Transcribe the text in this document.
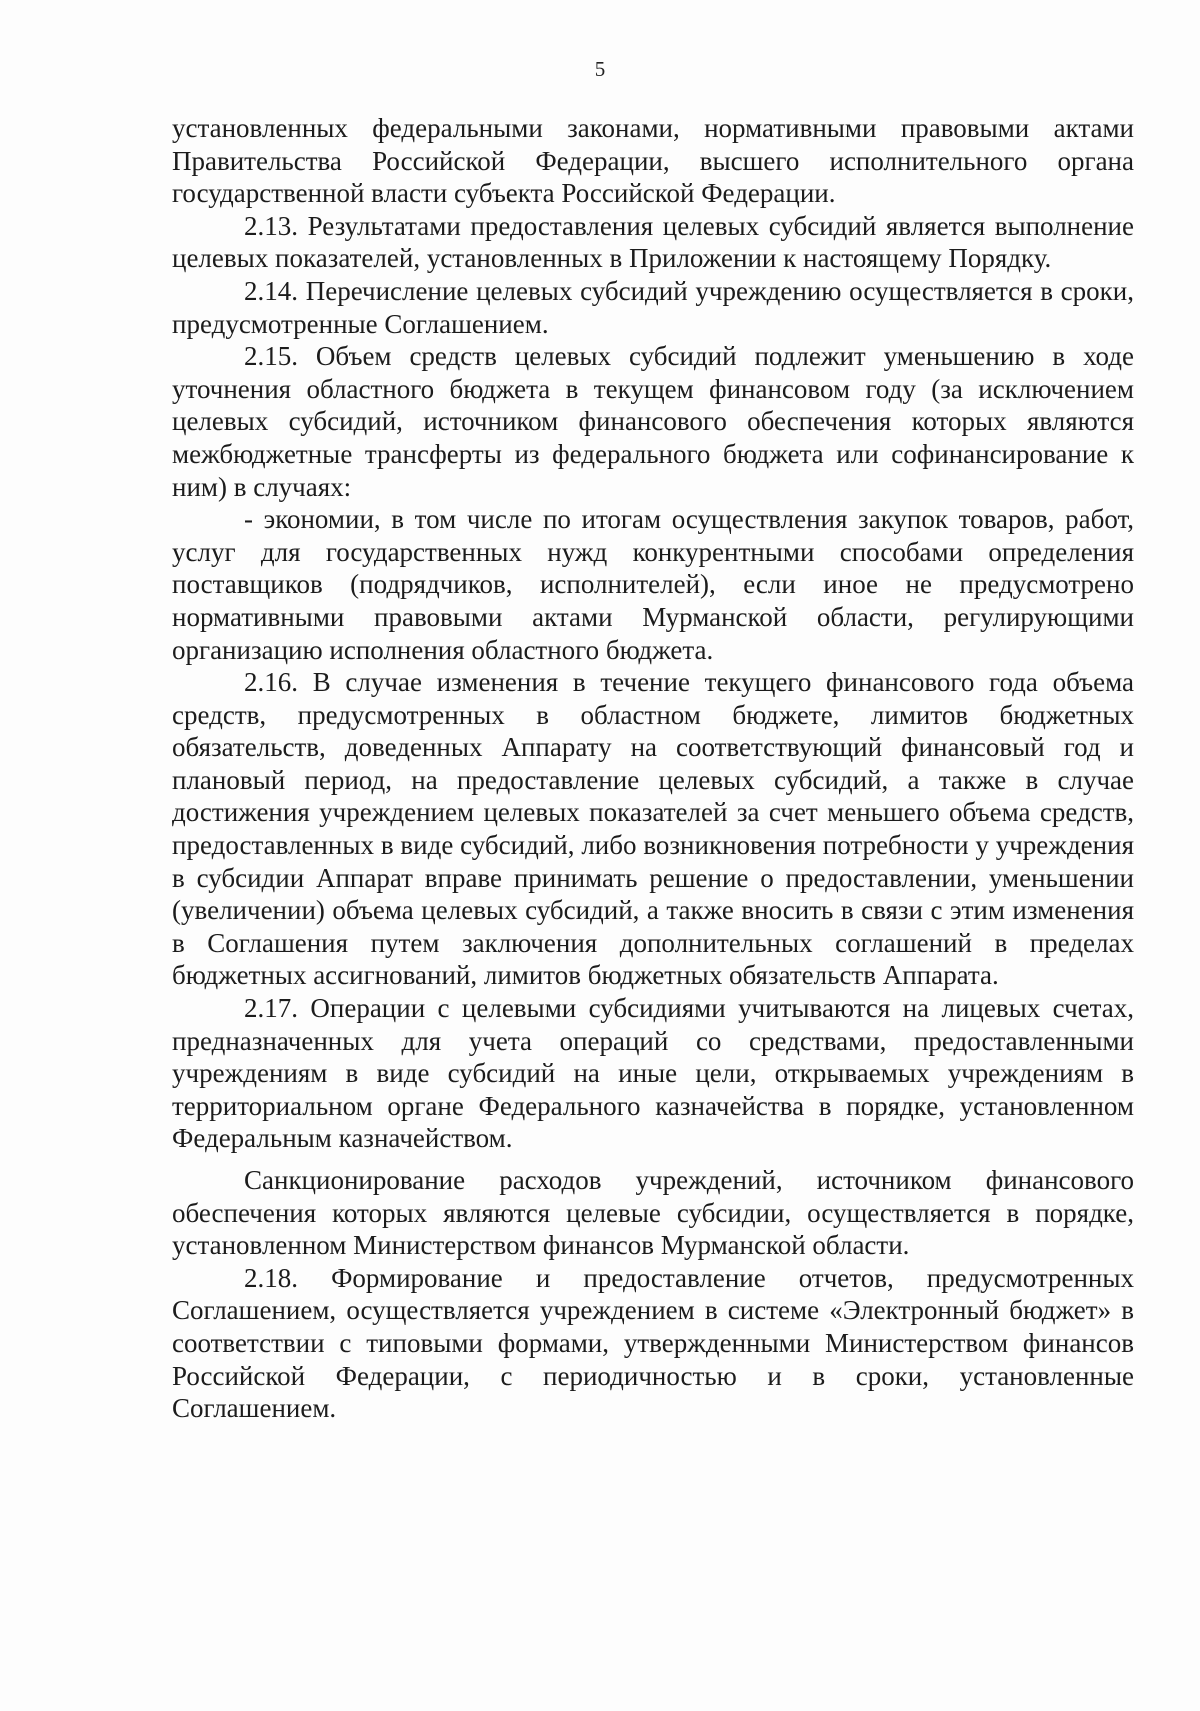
5

установленных федеральными законами, нормативными правовыми актами Правительства Российской Федерации, высшего исполнительного органа государственной власти субъекта Российской Федерации.

2.13. Результатами предоставления целевых субсидий является выполнение целевых показателей, установленных в Приложении к настоящему Порядку.

2.14. Перечисление целевых субсидий учреждению осуществляется в сроки, предусмотренные Соглашением.

2.15. Объем средств целевых субсидий подлежит уменьшению в ходе уточнения областного бюджета в текущем финансовом году (за исключением целевых субсидий, источником финансового обеспечения которых являются межбюджетные трансферты из федерального бюджета или софинансирование к ним) в случаях:

- экономии, в том числе по итогам осуществления закупок товаров, работ, услуг для государственных нужд конкурентными способами определения поставщиков (подрядчиков, исполнителей), если иное не предусмотрено нормативными правовыми актами Мурманской области, регулирующими организацию исполнения областного бюджета.

2.16. В случае изменения в течение текущего финансового года объема средств, предусмотренных в областном бюджете, лимитов бюджетных обязательств, доведенных Аппарату на соответствующий финансовый год и плановый период, на предоставление целевых субсидий, а также в случае достижения учреждением целевых показателей за счет меньшего объема средств, предоставленных в виде субсидий, либо возникновения потребности у учреждения в субсидии Аппарат вправе принимать решение о предоставлении, уменьшении (увеличении) объема целевых субсидий, а также вносить в связи с этим изменения в Соглашения путем заключения дополнительных соглашений в пределах бюджетных ассигнований, лимитов бюджетных обязательств Аппарата.

2.17. Операции с целевыми субсидиями учитываются на лицевых счетах, предназначенных для учета операций со средствами, предоставленными учреждениям в виде субсидий на иные цели, открываемых учреждениям в территориальном органе Федерального казначейства в порядке, установленном Федеральным казначейством.

Санкционирование расходов учреждений, источником финансового обеспечения которых являются целевые субсидии, осуществляется в порядке, установленном Министерством финансов Мурманской области.

2.18. Формирование и предоставление отчетов, предусмотренных Соглашением, осуществляется учреждением в системе «Электронный бюджет» в соответствии с типовыми формами, утвержденными Министерством финансов Российской Федерации, с периодичностью и в сроки, установленные Соглашением.
